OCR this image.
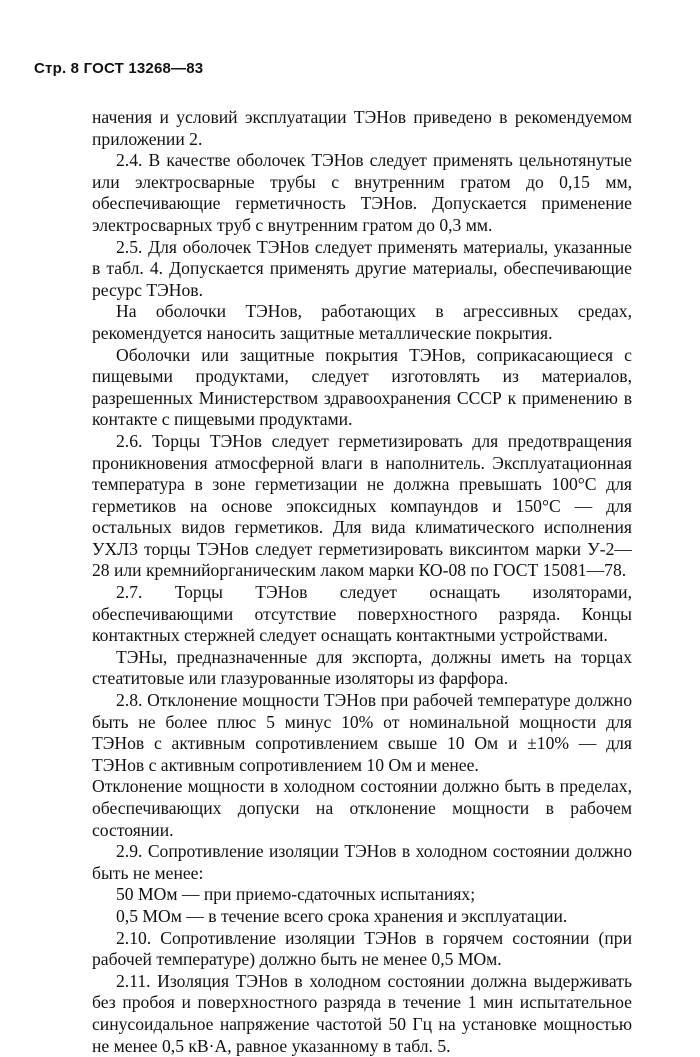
Стр. 8 ГОСТ 13268—83

начения и условий эксплуатации ТЭНов приведено в рекомендуемом приложении 2.

2.4. В качестве оболочек ТЭНов следует применять цельнотянутые или электросварные трубы с внутренним гратом до 0,15 мм, обеспечивающие герметичность ТЭНов. Допускается применение электросварных труб с внутренним гратом до 0,3 мм.

2.5. Для оболочек ТЭНов следует применять материалы, указанные в табл. 4. Допускается применять другие материалы, обеспечивающие ресурс ТЭНов.

На оболочки ТЭНов, работающих в агрессивных средах, рекомендуется наносить защитные металлические покрытия.

Оболочки или защитные покрытия ТЭНов, соприкасающиеся с пищевыми продуктами, следует изготовлять из материалов, разрешенных Министерством здравоохранения СССР к применению в контакте с пищевыми продуктами.

2.6. Торцы ТЭНов следует герметизировать для предотвращения проникновения атмосферной влаги в наполнитель. Эксплуатационная температура в зоне герметизации не должна превышать 100°C для герметиков на основе эпоксидных компаундов и 150°C — для остальных видов герметиков. Для вида климатического исполнения УХЛ3 торцы ТЭНов следует герметизировать викcинтом марки У-2—28 или кремнийорганическим лаком марки КО-08 по ГОСТ 15081—78.

2.7. Торцы ТЭНов следует оснащать изоляторами, обеспечивающими отсутствие поверхностного разряда. Концы контактных стержней следует оснащать контактными устройствами.

ТЭНы, предназначенные для экспорта, должны иметь на торцах стеатитовые или глазурованные изоляторы из фарфора.

2.8. Отклонение мощности ТЭНов при рабочей температуре должно быть не более плюс 5 минус 10% от номинальной мощности для ТЭНов с активным сопротивлением свыше 10 Ом и ±10% — для ТЭНов с активным сопротивлением 10 Ом и менее.

Отклонение мощности в холодном состоянии должно быть в пределах, обеспечивающих допуски на отклонение мощности в рабочем состоянии.

2.9. Сопротивление изоляции ТЭНов в холодном состоянии должно быть не менее:

50 МОм — при приемо-сдаточных испытаниях;

0,5 МОм — в течение всего срока хранения и эксплуатации.

2.10. Сопротивление изоляции ТЭНов в горячем состоянии (при рабочей температуре) должно быть не менее 0,5 МОм.

2.11. Изоляция ТЭНов в холодном состоянии должна выдерживать без пробоя и поверхностного разряда в течение 1 мин испытательное синусоидальное напряжение частотой 50 Гц на установке мощностью не менее 0,5 кВ·А, равное указанному в табл. 5.
